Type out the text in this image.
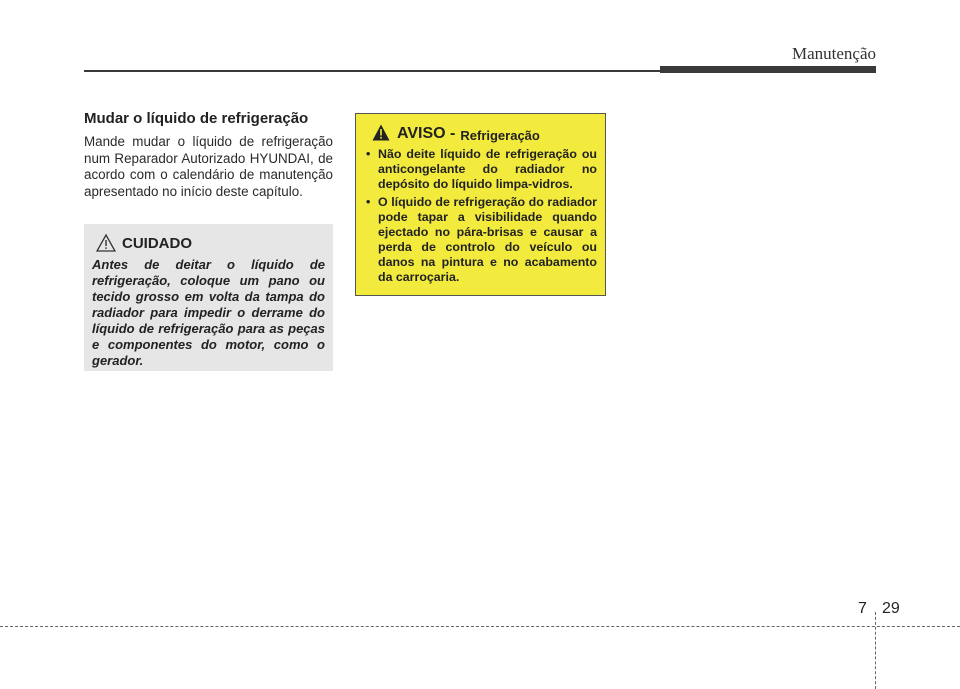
Manutenção
Mudar o líquido de refrigeração

Mande mudar o líquido de refrigeração num Reparador Autorizado HYUNDAI, de acordo com o calendário de manutenção apresentado no início deste capítulo.

CUIDADO

Antes de deitar o líquido de refrigeração, coloque um pano ou tecido grosso em volta da tampa do radiador para impedir o derrame do líquido de refrigeração para as peças e componentes do motor, como o gerador.

AVISO - Refrigeração
• Não deite líquido de refrigeração ou anticongelante do radiador no depósito do líquido limpa-vidros.
• O líquido de refrigeração do radiador pode tapar a visibilidade quando ejectado no pára-brisas e causar a perda de controlo do veículo ou danos na pintura e no acabamento da carroçaria.
7 29
